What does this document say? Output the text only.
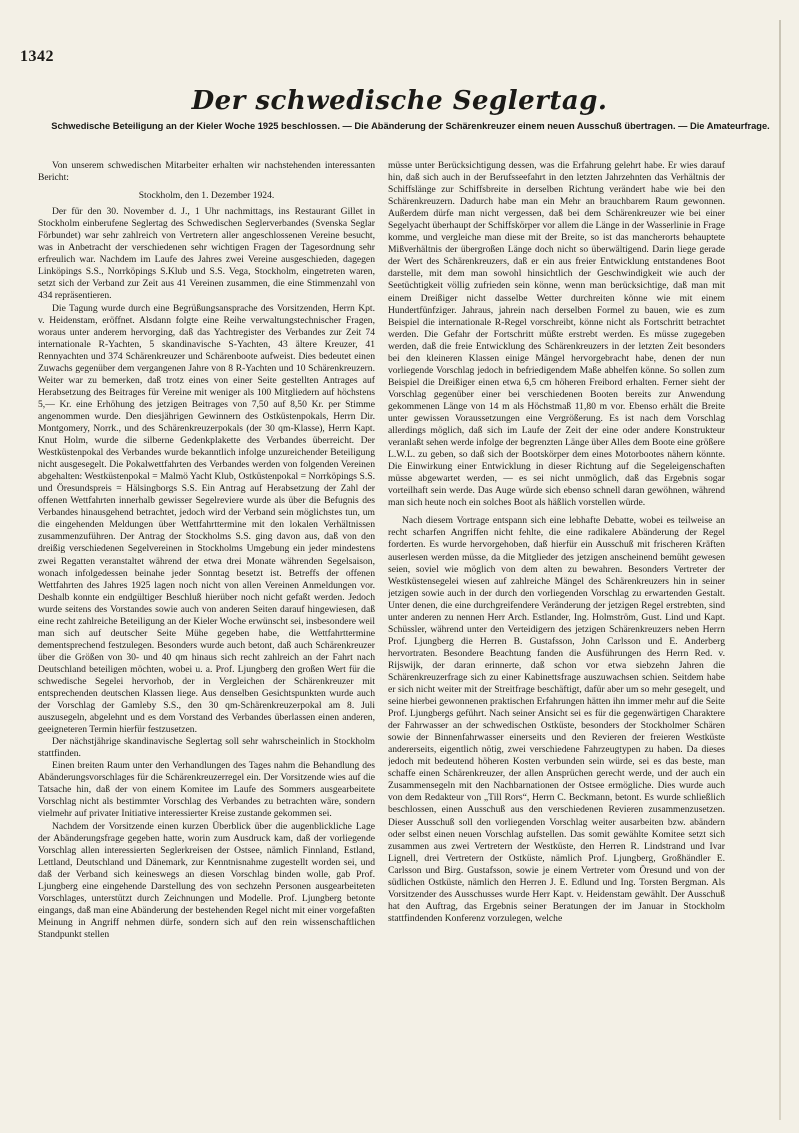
1342
Der schwedische Seglertag.
Schwedische Beteiligung an der Kieler Woche 1925 beschlossen. — Die Abänderung der Schärenkreuzer einem neuen Ausschuß übertragen. — Die Amateurfrage.

Von unserem schwedischen Mitarbeiter erhalten wir nachstehenden interessanten Bericht:

Stockholm, den 1. Dezember 1924.

Der für den 30. November d. J., 1 Uhr nachmittags, ins Restaurant Gillet in Stockholm einberufene Seglertag des Schwedischen Seglerverbandes (Svenska Seglar Förbundet) war sehr zahlreich von Vertretern aller angeschlossenen Vereine besucht, was in Anbetracht der verschiedenen sehr wichtigen Fragen der Tagesordnung sehr erfreulich war. Nachdem im Laufe des Jahres zwei Vereine ausgeschieden, dagegen Linköpings S.S., Norrköpings S.Klub und S.S. Vega, Stockholm, eingetreten waren, setzt sich der Verband zur Zeit aus 41 Vereinen zusammen, die eine Stimmenzahl von 434 repräsentieren.

Die Tagung wurde durch eine Begrüßungsansprache des Vorsitzenden, Herrn Kpt. v. Heidenstam, eröffnet. Alsdann folgte eine Reihe verwaltungstechnischer Fragen, woraus unter anderem hervorging, daß das Yachtregister des Verbandes zur Zeit 74 internationale R-Yachten, 5 skandinavische S-Yachten, 43 ältere Kreuzer, 41 Rennyachten und 374 Schärenkreuzer und Schärenboote aufweist. Dies bedeutet einen Zuwachs gegenüber dem vergangenen Jahre von 8 R-Yachten und 10 Schärenkreuzern. Weiter war zu bemerken, daß trotz eines von einer Seite gestellten Antrages auf Herabsetzung des Beitrages für Vereine mit weniger als 100 Mitgliedern auf höchstens 5,— Kr. eine Erhöhung des jetzigen Beitrages von 7,50 auf 8,50 Kr. per Stimme angenommen wurde. Den diesjährigen Gewinnern des Ostküstenpokals, Herrn Dir. Montgomery, Norrk., und des Schärenkreuzerpokals (der 30 qm-Klasse), Herrn Kapt. Knut Holm, wurde die silberne Gedenkplakette des Verbandes überreicht. Der Westküstenpokal des Verbandes wurde bekanntlich infolge unzureichender Beteiligung nicht ausgesegelt. Die Pokalwettfahrten des Verbandes werden von folgenden Vereinen abgehalten: Westküstenpokal = Malmö Yacht Klub, Ostküstenpokal = Norrköpings S.S. und Öresundspreis = Hälsingborgs S.S. Ein Antrag auf Herabsetzung der Zahl der offenen Wettfahrten innerhalb gewisser Segelreviere wurde als über die Befugnis des Verbandes hinausgehend betrachtet, jedoch wird der Verband sein möglichstes tun, um die eingehenden Meldungen über Wettfahrttermine mit den lokalen Verhältnissen zusammenzuführen. Der Antrag der Stockholms S.S. ging davon aus, daß von den dreißig verschiedenen Segelvereinen in Stockholms Umgebung ein jeder mindestens zwei Regatten veranstaltet während der etwa drei Monate währenden Segelsaison, wonach infolgedessen beinahe jeder Sonntag besetzt ist. Betreffs der offenen Wettfahrten des Jahres 1925 lagen noch nicht von allen Vereinen Anmeldungen vor. Deshalb konnte ein endgültiger Beschluß hierüber noch nicht gefaßt werden. Jedoch wurde seitens des Vorstandes sowie auch von anderen Seiten darauf hingewiesen, daß eine recht zahlreiche Beteiligung an der Kieler Woche erwünscht sei, insbesondere weil man sich auf deutscher Seite Mühe gegeben habe, die Wettfahrttermine dementsprechend festzulegen. Besonders wurde auch betont, daß auch Schärenkreuzer über die Größen von 30- und 40 qm hinaus sich recht zahlreich an der Fahrt nach Deutschland beteiligen möchten, wobei u. a. Prof. Ljungberg den großen Wert für die schwedische Segelei hervorhob, der in Vergleichen der Schärenkreuzer mit entsprechenden deutschen Klassen liege. Aus denselben Gesichtspunkten wurde auch der Vorschlag der Gamleby S.S., den 30 qm-Schärenkreuzerpokal am 8. Juli auszusegeln, abgelehnt und es dem Vorstand des Verbandes überlassen einen anderen, geeigneteren Termin hierfür festzusetzen.

Der nächstjährige skandinavische Seglertag soll sehr wahrscheinlich in Stockholm stattfinden.

Einen breiten Raum unter den Verhandlungen des Tages nahm die Behandlung des Abänderungsvorschlages für die Schärenkreuzerregel ein. Der Vorsitzende wies auf die Tatsache hin, daß der von einem Komitee im Laufe des Sommers ausgearbeitete Vorschlag nicht als bestimmter Vorschlag des Verbandes zu betrachten wäre, sondern vielmehr auf privater Initiative interessierter Kreise zustande gekommen sei.

Nachdem der Vorsitzende einen kurzen Überblick über die augenblickliche Lage der Abänderungsfrage gegeben hatte, worin zum Ausdruck kam, daß der vorliegende Vorschlag allen interessierten Seglerkreisen der Ostsee, nämlich Finnland, Estland, Lettland, Deutschland und Dänemark, zur Kenntnisnahme zugestellt worden sei, und daß der Verband sich keineswegs an diesen Vorschlag binden wolle, gab Prof. Ljungberg eine eingehende Darstellung des von sechzehn Personen ausgearbeiteten Vorschlages, unterstützt durch Zeichnungen und Modelle. Prof. Ljungberg betonte eingangs, daß man eine Abänderung der bestehenden Regel nicht mit einer vorgefaßten Meinung in Angriff nehmen dürfe, sondern sich auf den rein wissenschaftlichen Standpunkt stellen

müsse unter Berücksichtigung dessen, was die Erfahrung gelehrt habe. Er wies darauf hin, daß sich auch in der Berufsseefahrt in den letzten Jahrzehnten das Verhältnis der Schiffslänge zur Schiffsbreite in derselben Richtung verändert habe wie bei den Schärenkreuzern. Dadurch habe man ein Mehr an brauchbarem Raum gewonnen. Außerdem dürfe man nicht vergessen, daß bei dem Schärenkreuzer wie bei einer Segelyacht überhaupt der Schiffskörper vor allem die Länge in der Wasserlinie in Frage komme, und vergleiche man diese mit der Breite, so ist das mancherorts behauptete Mißverhältnis der übergroßen Länge doch nicht so überwältigend. Darin liege gerade der Wert des Schärenkreuzers, daß er ein aus freier Entwicklung entstandenes Boot darstelle, mit dem man sowohl hinsichtlich der Geschwindigkeit wie auch der Seetüchtigkeit völlig zufrieden sein könne, wenn man berücksichtige, daß man mit einem Dreißiger nicht dasselbe Wetter durchreiten könne wie mit einem Hundertfünfziger. Jahraus, jahrein nach derselben Formel zu bauen, wie es zum Beispiel die internationale R-Regel vorschreibt, könne nicht als Fortschritt betrachtet werden. Die Gefahr der Fortschritt müßte erstrebt werden. Es müsse zugegeben werden, daß die freie Entwicklung des Schärenkreuzers in der letzten Zeit besonders bei den kleineren Klassen einige Mängel hervorgebracht habe, denen der nun vorliegende Vorschlag jedoch in befriedigendem Maße abhelfen könne. So sollen zum Beispiel die Dreißiger einen etwa 6,5 cm höheren Freibord erhalten. Ferner sieht der Vorschlag gegenüber einer bei verschiedenen Booten bereits zur Anwendung gekommenen Länge von 14 m als Höchstmaß 11,80 m vor. Ebenso erhält die Breite unter gewissen Voraussetzungen eine Vergrößerung. Es ist nach dem Vorschlag allerdings möglich, daß sich im Laufe der Zeit der eine oder andere Konstrukteur veranlaßt sehen werde infolge der begrenzten Länge über Alles dem Boote eine größere L.W.L. zu geben, so daß sich der Bootskörper dem eines Motorbootes nähern könnte. Die Einwirkung einer Entwicklung in dieser Richtung auf die Segeleigenschaften müsse abgewartet werden, — es sei nicht unmöglich, daß das Ergebnis sogar vorteilhaft sein werde. Das Auge würde sich ebenso schnell daran gewöhnen, während man sich heute noch ein solches Boot als häßlich vorstellen würde.

Nach diesem Vortrage entspann sich eine lebhafte Debatte, wobei es teilweise an recht scharfen Angriffen nicht fehlte, die eine radikalere Abänderung der Regel forderten. Es wurde hervorgehoben, daß hierfür ein Ausschuß mit frischeren Kräften auserlesen werden müsse, da die Mitglieder des jetzigen anscheinend bemüht gewesen seien, soviel wie möglich von dem alten zu bewahren. Besonders Vertreter der Westküstensegelei wiesen auf zahlreiche Mängel des Schärenkreuzers hin in seiner jetzigen sowie auch in der durch den vorliegenden Vorschlag zu erwartenden Gestalt. Unter denen, die eine durchgreifendere Veränderung der jetzigen Regel erstrebten, sind unter anderen zu nennen Herr Arch. Estlander, Ing. Holmström, Gust. Lind und Kapt. Schüssler, während unter den Verteidigern des jetzigen Schärenkreuzers neben Herrn Prof. Ljungberg die Herren B. Gustafsson, John Carlsson und E. Anderberg hervortraten. Besondere Beachtung fanden die Ausführungen des Herrn Red. v. Rijswijk, der daran erinnerte, daß schon vor etwa siebzehn Jahren die Schärenkreuzerfrage sich zu einer Kabinettsfrage auszuwachsen schien. Seitdem habe er sich nicht weiter mit der Streitfrage beschäftigt, dafür aber um so mehr gesegelt, und seine hierbei gewonnenen praktischen Erfahrungen hätten ihn immer mehr auf die Seite Prof. Ljungbergs geführt. Nach seiner Ansicht sei es für die gegenwärtigen Charaktere der Fahrwasser an der schwedischen Ostküste, besonders der Stockholmer Schären sowie der Binnenfahrwasser einerseits und den Revieren der freieren Westküste andererseits, eigentlich nötig, zwei verschiedene Fahrzeugtypen zu haben. Da dieses jedoch mit bedeutend höheren Kosten verbunden sein würde, sei es das beste, man schaffe einen Schärenkreuzer, der allen Ansprüchen gerecht werde, und der auch ein Zusammensegeln mit den Nachbarnationen der Ostsee ermögliche. Dies wurde auch von dem Redakteur von „Till Rors“, Herrn C. Beckmann, betont. Es wurde schließlich beschlossen, einen Ausschuß aus den verschiedenen Revieren zusammenzusetzen. Dieser Ausschuß soll den vorliegenden Vorschlag weiter ausarbeiten bzw. abändern oder selbst einen neuen Vorschlag aufstellen. Das somit gewählte Komitee setzt sich zusammen aus zwei Vertretern der Westküste, den Herren R. Lindstrand und Ivar Lignell, drei Vertretern der Ostküste, nämlich Prof. Ljungberg, Großhändler E. Carlsson und Birg. Gustafsson, sowie je einem Vertreter vom Öresund und von der südlichen Ostküste, nämlich den Herren J. E. Edlund und Ing. Torsten Bergman. Als Vorsitzender des Ausschusses wurde Herr Kapt. v. Heidenstam gewählt. Der Ausschuß hat den Auftrag, das Ergebnis seiner Beratungen der im Januar in Stockholm stattfindenden Konferenz vorzulegen, welche
